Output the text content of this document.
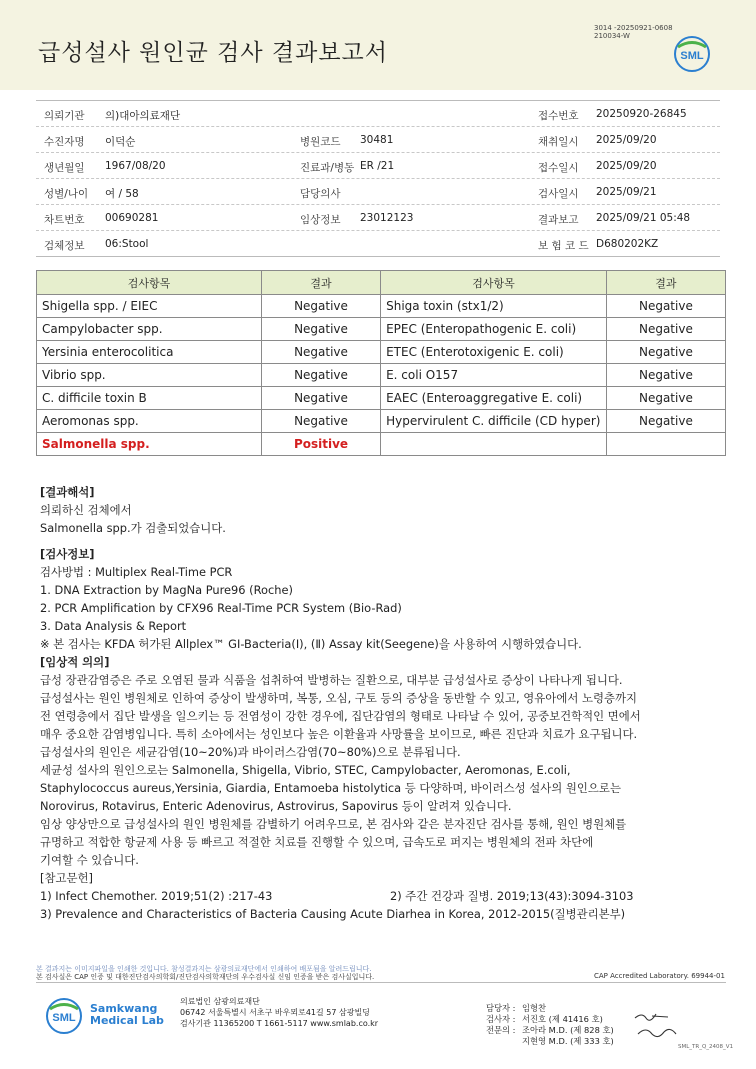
급성설사 원인균 검사 결과보고서
3014 -20250921-0608
210034-W
SML
의뢰기관 의)대아의료재단	접수번호 20250920-26845
수진자명 이덕순	병원코드 30481	채취일시 2025/09/20
생년월일 1967/08/20	진료과/병동 ER /21	접수일시 2025/09/20
성별/나이 여 / 58	담당의사	검사일시 2025/09/21
차트번호 00690281	임상정보 23012123	결과보고 2025/09/21 05:48
검체정보 06:Stool	보 험 코 드 D680202KZ
검사항목	결과	검사항목	결과
Shigella spp. / EIEC	Negative	Shiga toxin (stx1/2)	Negative
Campylobacter spp.	Negative	EPEC (Enteropathogenic E. coli)	Negative
Yersinia enterocolitica	Negative	ETEC (Enterotoxigenic E. coli)	Negative
Vibrio spp.	Negative	E. coli O157	Negative
C. difficile toxin B	Negative	EAEC (Enteroaggregative E. coli)	Negative
Aeromonas spp.	Negative	Hypervirulent C. difficile (CD hyper)	Negative
Salmonella spp.	Positive		

[결과해석]

의뢰하신 검체에서

Salmonella spp.가 검출되었습니다.

[검사정보]

검사방법 : Multiplex Real-Time PCR

1. DNA Extraction by MagNa Pure96 (Roche)

2. PCR Amplification by CFX96 Real-Time PCR System (Bio-Rad)

3. Data Analysis & Report

※ 본 검사는 KFDA 허가된 Allplex™ GI-Bacteria(Ⅰ), (Ⅱ) Assay kit(Seegene)을 사용하여 시행하였습니다.

[임상적 의의]

급성 장관감염증은 주로 오염된 물과 식품을 섭취하여 발병하는 질환으로, 대부분 급성설사로 증상이 나타나게 됩니다.

급성설사는 원인 병원체로 인하여 증상이 발생하며, 복통, 오심, 구토 등의 증상을 동반할 수 있고, 영유아에서 노령층까지

전 연령층에서 집단 발생을 일으키는 등 전염성이 강한 경우에, 집단감염의 형태로 나타날 수 있어, 공중보건학적인 면에서

매우 중요한 감염병입니다. 특히 소아에서는 성인보다 높은 이환율과 사망률을 보이므로, 빠른 진단과 치료가 요구됩니다.

급성설사의 원인은 세균감염(10~20%)과 바이러스감염(70~80%)으로 분류됩니다.

세균성 설사의 원인으로는 Salmonella, Shigella, Vibrio, STEC, Campylobacter, Aeromonas, E.coli,

Staphylococcus aureus,Yersinia, Giardia, Entamoeba histolytica 등 다양하며, 바이러스성 설사의 원인으로는

Norovirus, Rotavirus, Enteric Adenovirus, Astrovirus, Sapovirus 등이 알려져 있습니다.

임상 양상만으로 급성설사의 원인 병원체를 감별하기 어려우므로, 본 검사와 같은 분자진단 검사를 통해, 원인 병원체를

규명하고 적합한 항균제 사용 등 빠르고 적절한 치료를 진행할 수 있으며, 급속도로 퍼지는 병원체의 전파 차단에

기여할 수 있습니다.

[참고문헌]

1) Infect Chemother. 2019;51(2) :217-43	2) 주간 건강과 질병. 2019;13(43):3094-3103

3) Prevalence and Characteristics of Bacteria Causing Acute Diarhea in Korea, 2012-2015(질병관리본부)

본 결과지는 이미지파일을 인쇄한 것입니다. 참성결과지는 삼광의료재단에서 인쇄하여 배포됨을 알려드립니다.
본 검사실은 CAP 인증 및 대한진단검사의학회/진단검사의학재단의 우수검사실 신임 인증을 받은 검사실입니다.	CAP Accredited Laboratory. 69944-01
SML
Samkwang
Medical Lab
의료법인 삼광의료재단
06742 서울특별시 서초구 바우뫼로41길 57 삼광빌딩
검사기관 11365200 T 1661-5117 www.smlab.co.kr
담당자 : 임형찬
검사자 : 서진호 (제 41416 호)
전문의 : 조아라 M.D. (제 828 호)
지현영 M.D. (제 333 호)
SML_TR_Q_2408_V1
